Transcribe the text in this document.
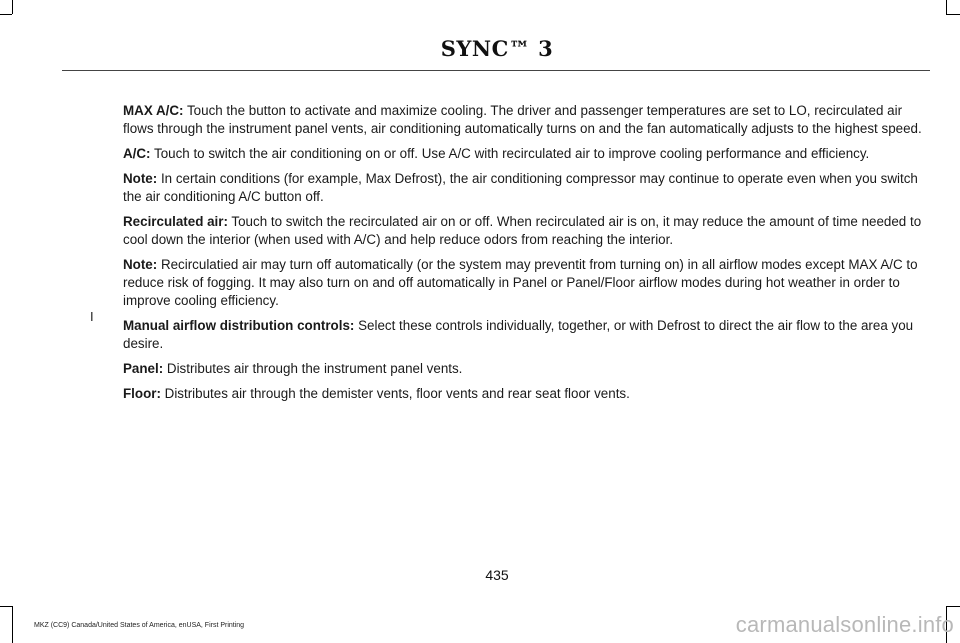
SYNC™ 3
I

MAX A/C: Touch the button to activate and maximize cooling. The driver and passenger temperatures are set to LO, recirculated air flows through the instrument panel vents, air conditioning automatically turns on and the fan automatically adjusts to the highest speed.

A/C: Touch to switch the air conditioning on or off. Use A/C with recirculated air to improve cooling performance and efficiency.

Note: In certain conditions (for example, Max Defrost), the air conditioning compressor may continue to operate even when you switch the air conditioning A/C button off.

Recirculated air: Touch to switch the recirculated air on or off. When recirculated air is on, it may reduce the amount of time needed to cool down the interior (when used with A/C) and help reduce odors from reaching the interior.

Note: Recirculatied air may turn off automatically (or the system may preventit from turning on) in all airflow modes except MAX A/C to reduce risk of fogging. It may also turn on and off automatically in Panel or Panel/Floor airflow modes during hot weather in order to improve cooling efficiency.

Manual airflow distribution controls: Select these controls individually, together, or with Defrost to direct the air flow to the area you desire.

Panel: Distributes air through the instrument panel vents.

Floor: Distributes air through the demister vents, floor vents and rear seat floor vents.

435
MKZ (CC9) Canada/United States of America, enUSA, First Printing	carmanualsonline.info
